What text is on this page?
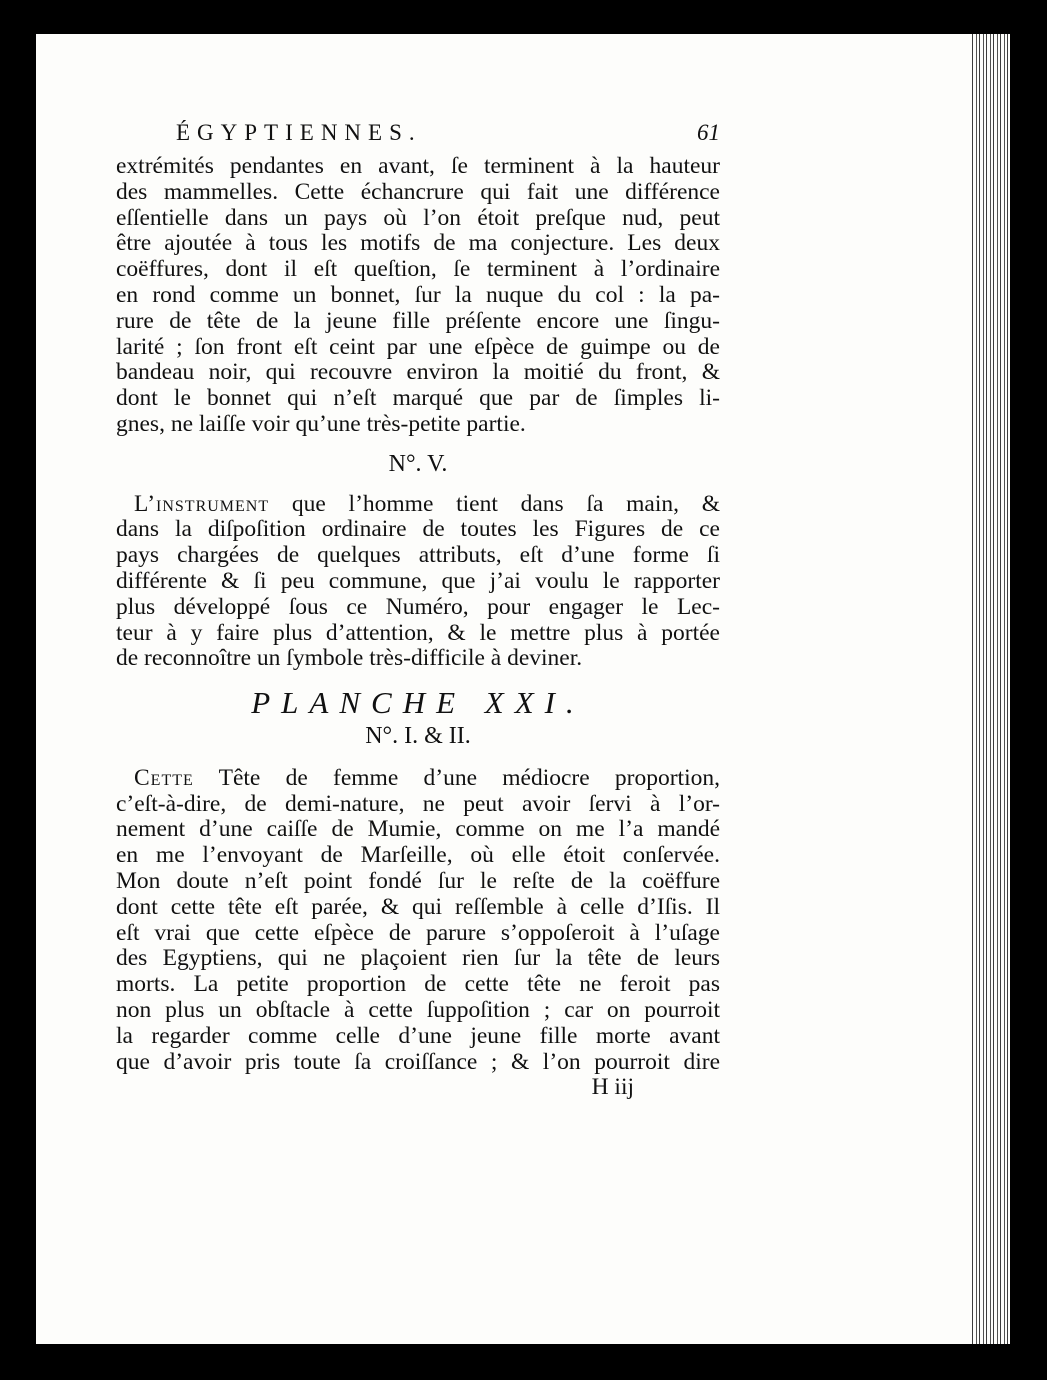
ÉGYPTIENNES.	61
extrémités pendantes en avant, ſe terminent à la hauteur
des mammelles. Cette échancrure qui fait une différence
eſſentielle dans un pays où l’on étoit preſque nud, peut
être ajoutée à tous les motifs de ma conjecture. Les deux
coëffures, dont il eſt queſtion, ſe terminent à l’ordinaire
en rond comme un bonnet, ſur la nuque du col : la pa-
rure de tête de la jeune fille préſente encore une ſingu-
larité ; ſon front eſt ceint par une eſpèce de guimpe ou de
bandeau noir, qui recouvre environ la moitié du front, &
dont le bonnet qui n’eſt marqué que par de ſimples li-
gnes, ne laiſſe voir qu’une très-petite partie.
N°. V.
L’instrument que l’homme tient dans ſa main, &
dans la diſpoſition ordinaire de toutes les Figures de ce
pays chargées de quelques attributs, eſt d’une forme ſi
différente & ſi peu commune, que j’ai voulu le rapporter
plus développé ſous ce Numéro, pour engager le Lec-
teur à y faire plus d’attention, & le mettre plus à portée
de reconnoître un ſymbole très-difficile à deviner.
PLANCHE XXI.
N°. I. & II.
Cette Tête de femme d’une médiocre proportion,
c’eſt-à-dire, de demi-nature, ne peut avoir ſervi à l’or-
nement d’une caiſſe de Mumie, comme on me l’a mandé
en me l’envoyant de Marſeille, où elle étoit conſervée.
Mon doute n’eſt point fondé ſur le reſte de la coëffure
dont cette tête eſt parée, & qui reſſemble à celle d’Iſis. Il
eſt vrai que cette eſpèce de parure s’oppoſeroit à l’uſage
des Egyptiens, qui ne plaçoient rien ſur la tête de leurs
morts. La petite proportion de cette tête ne feroit pas
non plus un obſtacle à cette ſuppoſition ; car on pourroit
la regarder comme celle d’une jeune fille morte avant
que d’avoir pris toute ſa croiſſance ; & l’on pourroit dire
H iij
